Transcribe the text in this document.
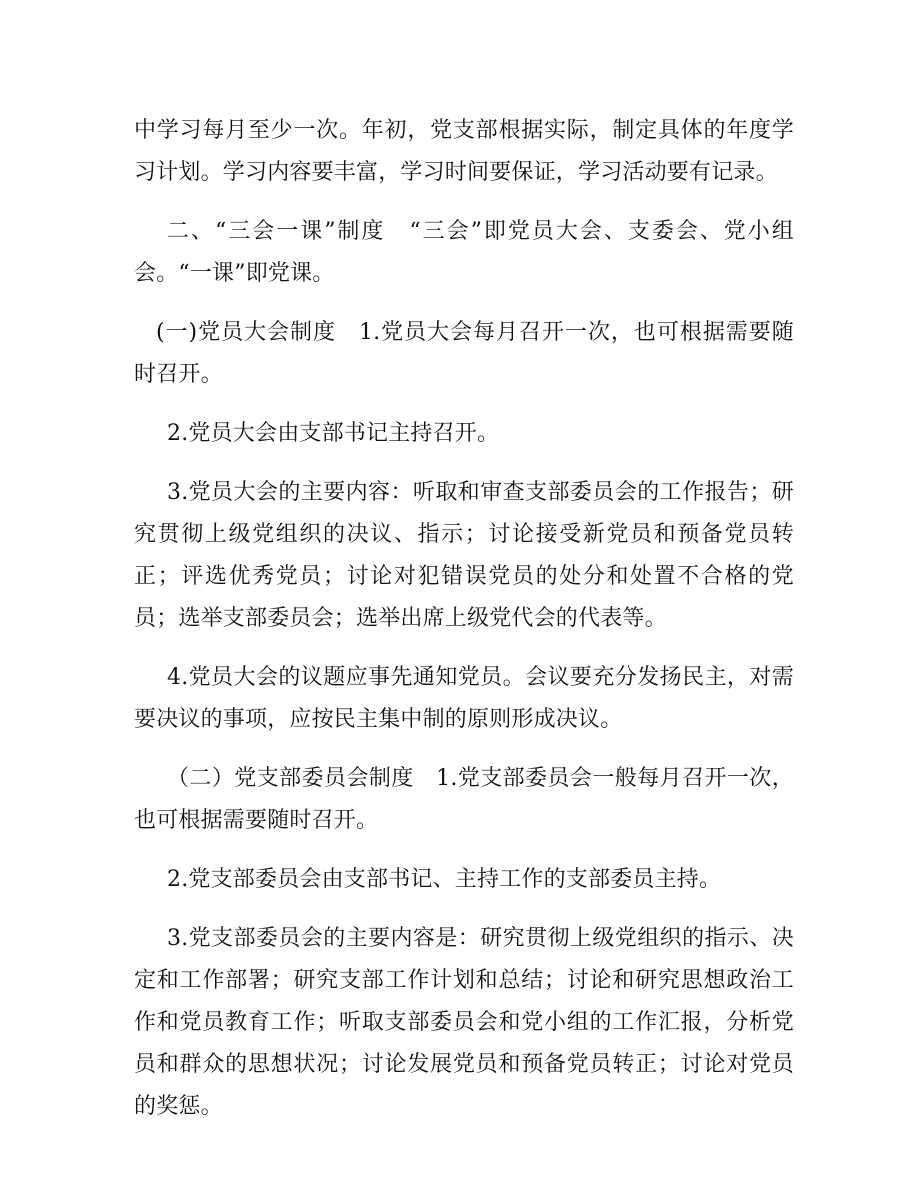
中学习每月至少一次。年初，党支部根据实际，制定具体的年度学习计划。学习内容要丰富，学习时间要保证，学习活动要有记录。

二、“三会一课”制度　“三会”即党员大会、支委会、党小组会。“一课”即党课。

(一)党员大会制度　1.党员大会每月召开一次，也可根据需要随时召开。

2.党员大会由支部书记主持召开。

3.党员大会的主要内容：听取和审查支部委员会的工作报告；研究贯彻上级党组织的决议、指示；讨论接受新党员和预备党员转正；评选优秀党员；讨论对犯错误党员的处分和处置不合格的党员；选举支部委员会；选举出席上级党代会的代表等。

4.党员大会的议题应事先通知党员。会议要充分发扬民主，对需要决议的事项，应按民主集中制的原则形成决议。

（二）党支部委员会制度　1.党支部委员会一般每月召开一次，也可根据需要随时召开。

2.党支部委员会由支部书记、主持工作的支部委员主持。

3.党支部委员会的主要内容是：研究贯彻上级党组织的指示、决定和工作部署；研究支部工作计划和总结；讨论和研究思想政治工作和党员教育工作；听取支部委员会和党小组的工作汇报，分析党员和群众的思想状况；讨论发展党员和预备党员转正；讨论对党员的奖惩。
